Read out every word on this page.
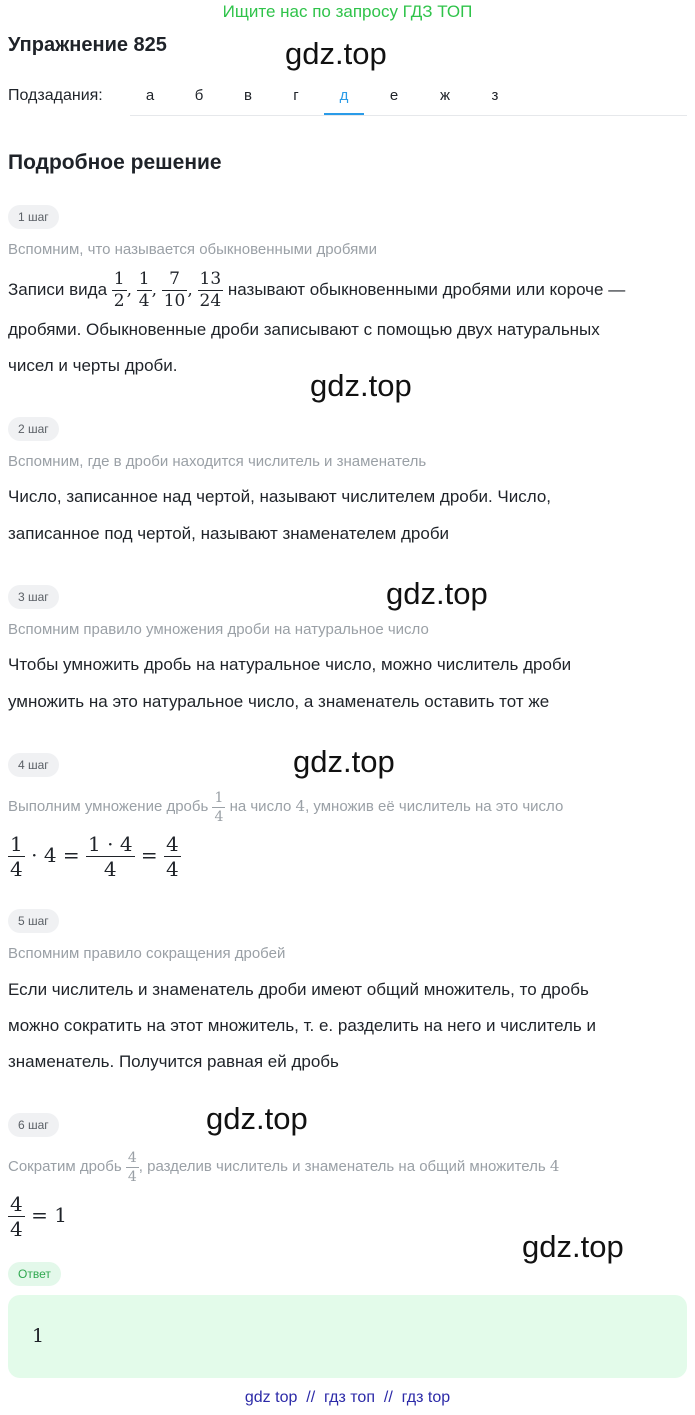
Ищите нас по запросу ГДЗ ТОП
Упражнение 825	gdz.top
gdz.top
gdz.top
gdz.top
gdz.top
gdz.top
Подзадания:	а	б	в	г	д	е	ж	з
Подробное решение
1 шаг
Вспомним, что называется обыкновенными дробями
Записи вида $\frac{1}{2}$ , $\frac{1}{4}$ , $\frac{7}{10}$ , $\frac{13}{24}$ называют обыкновенными дробями или короче —
дробями. Обыкновенные дроби записывают с помощью двух натуральных
чисел и черты дроби.
2 шаг
Вспомним, где в дроби находится числитель и знаменатель
Число, записанное над чертой, называют числителем дроби. Число,
записанное под чертой, называют знаменателем дроби
3 шаг
Вспомним правило умножения дроби на натуральное число
Чтобы умножить дробь на натуральное число, можно числитель дроби
умножить на это натуральное число, а знаменатель оставить тот же
4 шаг
Выполним умножение дробь $\frac{1}{4}$ на число 4, умножив её числитель на это число
$\frac{1}{4} \cdot 4 = \frac{1 \cdot 4}{4} = \frac{4}{4}$
5 шаг
Вспомним правило сокращения дробей
Если числитель и знаменатель дроби имеют общий множитель, то дробь
можно сократить на этот множитель, т. е. разделить на него и числитель и
знаменатель. Получится равная ей дробь
6 шаг
Сократим дробь $\frac{4}{4}$ , разделив числитель и знаменатель на общий множитель 4
$\frac{4}{4} = 1$
Ответ
1
gdz top  //  гдз топ  //  гдз top
